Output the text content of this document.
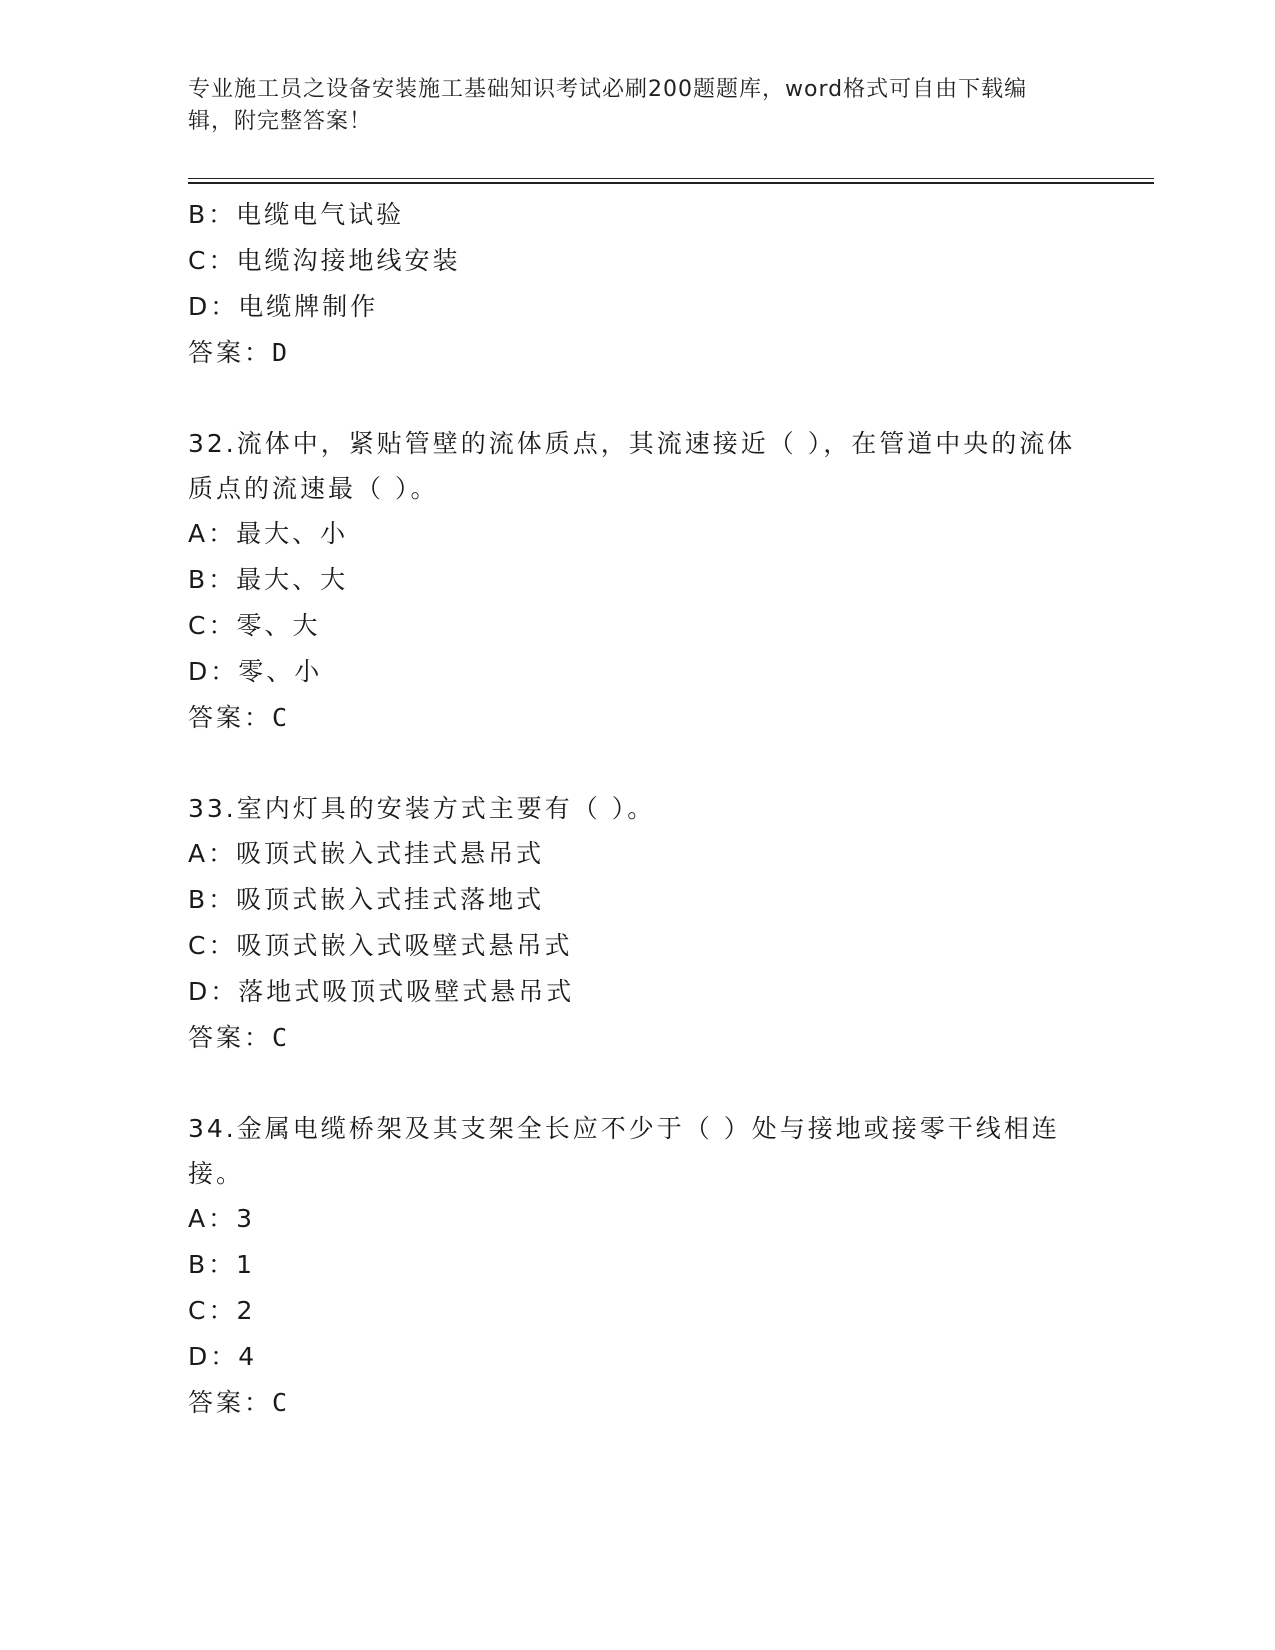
专业施工员之设备安装施工基础知识考试必刷200题题库，word格式可自由下载编辑，附完整答案！
B：电缆电气试验
C：电缆沟接地线安装
D：电缆牌制作
答案：D
32.流体中，紧贴管壁的流体质点，其流速接近（ ），在管道中央的流体质点的流速最（ ）。
A：最大、小
B：最大、大
C：零、大
D：零、小
答案：C
33.室内灯具的安装方式主要有（ ）。
A：吸顶式嵌入式挂式悬吊式
B：吸顶式嵌入式挂式落地式
C：吸顶式嵌入式吸壁式悬吊式
D：落地式吸顶式吸壁式悬吊式
答案：C
34.金属电缆桥架及其支架全长应不少于（ ）处与接地或接零干线相连接。
A：3
B：1
C：2
D：4
答案：C
